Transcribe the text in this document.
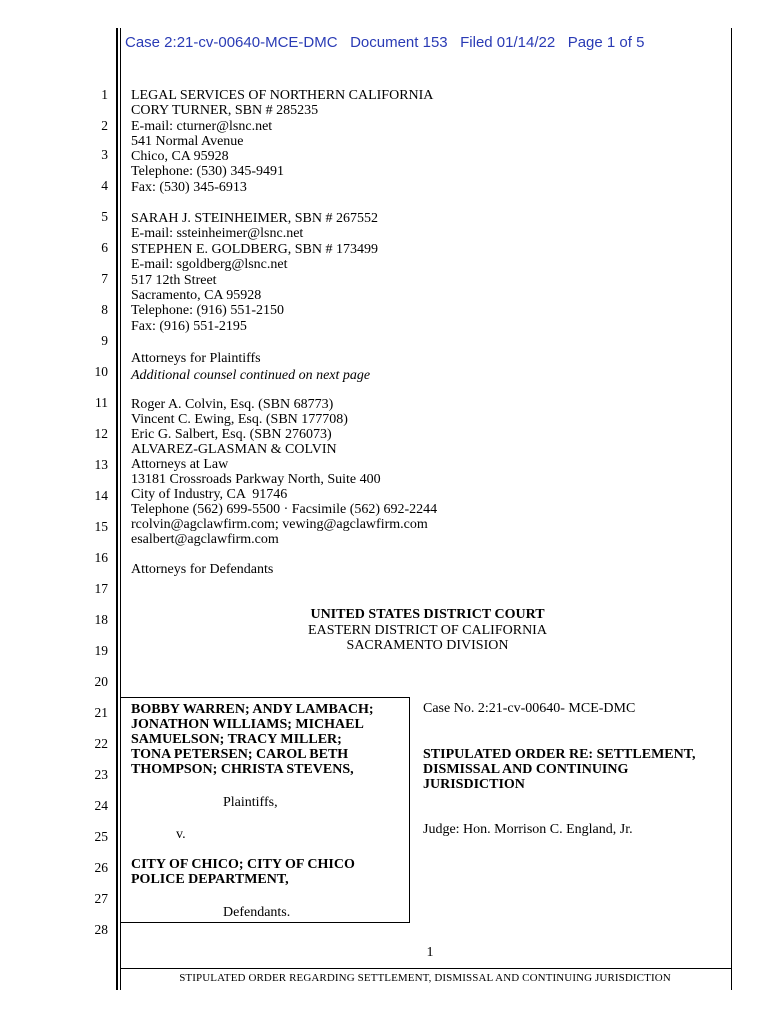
Case 2:21-cv-00640-MCE-DMC   Document 153   Filed 01/14/22   Page 1 of 5
1
2
3
4
5
6
7
8
9
10
11
12
13
14
15
16
17
18
19
20
21
22
23
24
25
26
27
28
LEGAL SERVICES OF NORTHERN CALIFORNIA
CORY TURNER, SBN # 285235
E-mail: cturner@lsnc.net
541 Normal Avenue
Chico, CA 95928
Telephone: (530) 345-9491
Fax: (530) 345-6913
SARAH J. STEINHEIMER, SBN # 267552
E-mail: ssteinheimer@lsnc.net
STEPHEN E. GOLDBERG, SBN # 173499
E-mail: sgoldberg@lsnc.net
517 12th Street
Sacramento, CA 95928
Telephone: (916) 551-2150
Fax: (916) 551-2195
Attorneys for Plaintiffs
Additional counsel continued on next page
Roger A. Colvin, Esq. (SBN 68773)
Vincent C. Ewing, Esq. (SBN 177708)
Eric G. Salbert, Esq. (SBN 276073)
ALVAREZ-GLASMAN & COLVIN
Attorneys at Law
13181 Crossroads Parkway North, Suite 400
City of Industry, CA  91746
Telephone (562) 699-5500 · Facsimile (562) 692-2244
rcolvin@agclawfirm.com; vewing@agclawfirm.com
esalbert@agclawfirm.com
Attorneys for Defendants
UNITED STATES DISTRICT COURT
EASTERN DISTRICT OF CALIFORNIA
SACRAMENTO DIVISION
BOBBY WARREN; ANDY LAMBACH;
JONATHON WILLIAMS; MICHAEL
SAMUELSON; TRACY MILLER;
TONA PETERSEN; CAROL BETH
THOMPSON; CHRISTA STEVENS,
Plaintiffs,
v.
CITY OF CHICO; CITY OF CHICO
POLICE DEPARTMENT,
Defendants.
Case No. 2:21-cv-00640- MCE-DMC
STIPULATED ORDER RE: SETTLEMENT,
DISMISSAL AND CONTINUING
JURISDICTION
Judge: Hon. Morrison C. England, Jr.
1
STIPULATED ORDER REGARDING SETTLEMENT, DISMISSAL AND CONTINUING JURISDICTION
